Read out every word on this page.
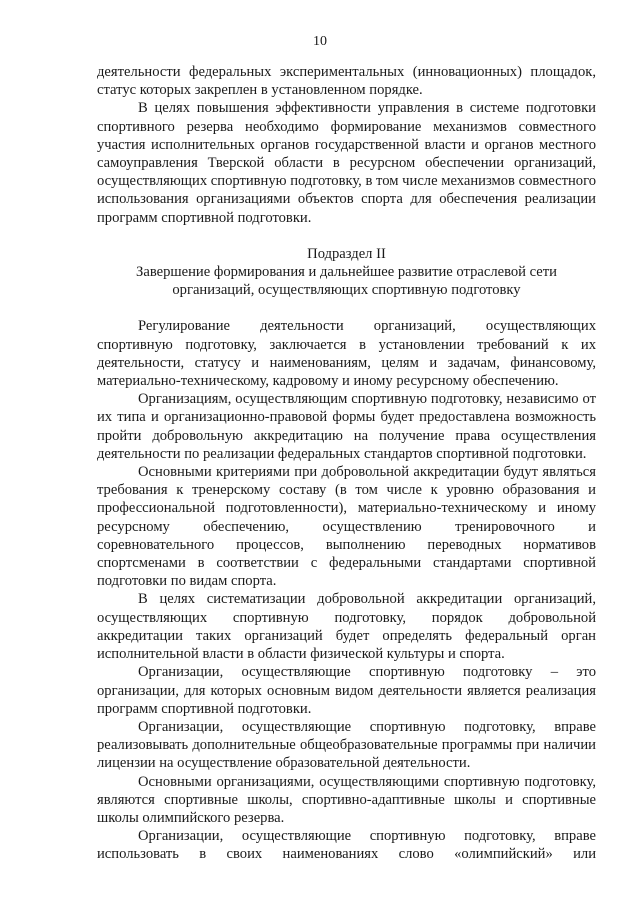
10

деятельности федеральных экспериментальных (инновационных) площадок, статус которых закреплен в установленном порядке.

В целях повышения эффективности управления в системе подготовки спортивного резерва необходимо формирование механизмов совместного участия исполнительных органов государственной власти и органов местного самоуправления Тверской области в ресурсном обеспечении организаций, осуществляющих спортивную подготовку, в том числе механизмов совместного использования организациями объектов спорта для обеспечения реализации программ спортивной подготовки.

Подраздел II
Завершение формирования и дальнейшее развитие отраслевой сети
организаций, осуществляющих спортивную подготовку

Регулирование деятельности организаций, осуществляющих спортивную подготовку, заключается в установлении требований к их деятельности, статусу и наименованиям, целям и задачам, финансовому, материально-техническому, кадровому и иному ресурсному обеспечению.

Организациям, осуществляющим спортивную подготовку, независимо от их типа и организационно-правовой формы будет предоставлена возможность пройти добровольную аккредитацию на получение права осуществления деятельности по реализации федеральных стандартов спортивной подготовки.

Основными критериями при добровольной аккредитации будут являться требования к тренерскому составу (в том числе к уровню образования и профессиональной подготовленности), материально-техническому и иному ресурсному обеспечению, осуществлению тренировочного и соревновательного процессов, выполнению переводных нормативов спортсменами в соответствии с федеральными стандартами спортивной подготовки по видам спорта.

В целях систематизации добровольной аккредитации организаций, осуществляющих спортивную подготовку, порядок добровольной аккредитации таких организаций будет определять федеральный орган исполнительной власти в области физической культуры и спорта.

Организации, осуществляющие спортивную подготовку – это организации, для которых основным видом деятельности является реализация программ спортивной подготовки.

Организации, осуществляющие спортивную подготовку, вправе реализовывать дополнительные общеобразовательные программы при наличии лицензии на осуществление образовательной деятельности.

Основными организациями, осуществляющими спортивную подготовку, являются спортивные школы, спортивно-адаптивные школы и спортивные школы олимпийского резерва.

Организации, осуществляющие спортивную подготовку, вправе использовать в своих наименованиях слово «олимпийский» или
